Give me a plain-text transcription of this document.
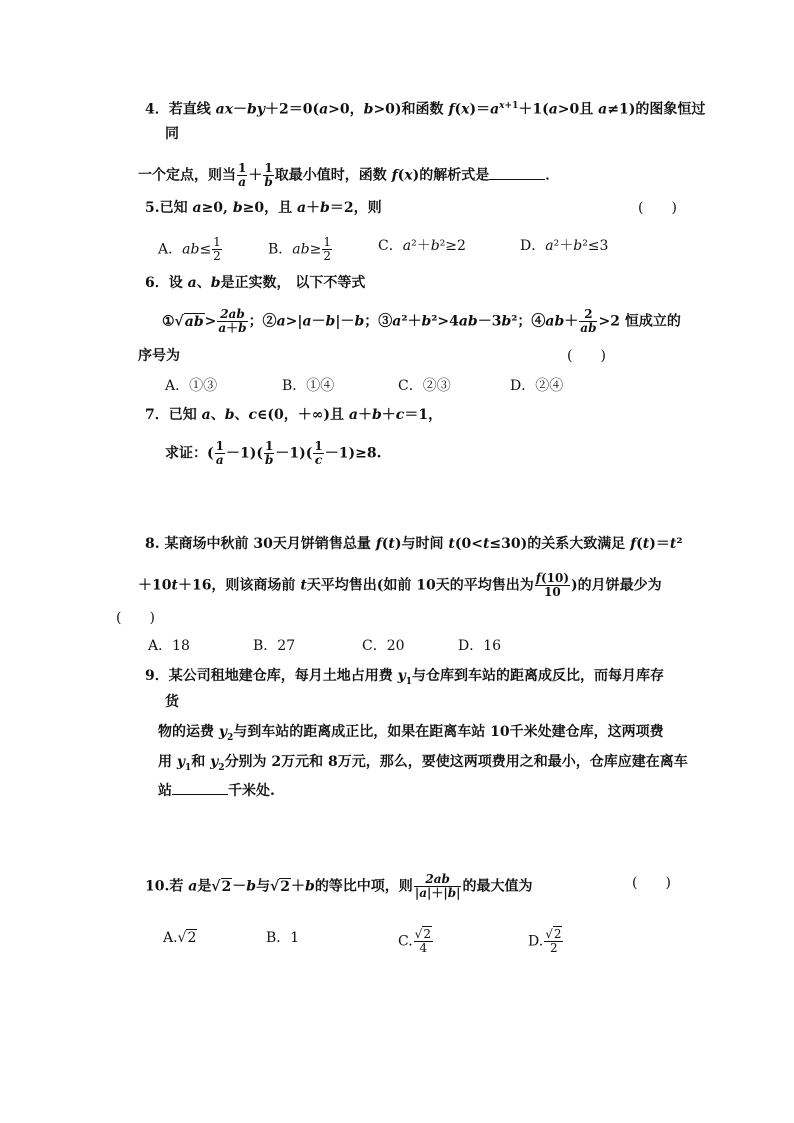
4．若直线 ax－by＋2＝0(a>0，b>0)和函数 $f(x)=a^{x+1}+1(a>0$且 a≠1)的图象恒过
同
一个定点，则当 $\frac{1}{a} + \frac{1}{b}$ 取最小值时，函数 f(x)的解析式是	．
5.已知 a≥0, b≥0，且 a＋b＝2，则	(　　)
A．$ab\le \frac{1}{2}$	B．$ab\ge \frac{1}{2}$	C．a²＋b²≥2	D．a²＋b²≤3
6．设 a、b是正实数， 以下不等式
①√ab> $\frac{2ab}{a+b}$ ；②a>|a－b|－b；③a²＋b²>4ab－3b²；④ab＋ $\frac{2}{ab} >2$ 恒成立的
序号为	(　　)
A．①③	B．①④	C．②③	D．②④
7．已知 a、b、c∈(0，＋∞)且 a＋b＋c＝1，
求证：( $\frac{1}{a} -1)( \frac{1}{b} -1)( \frac{1}{c} -1)\ge 8$.
8. 某商场中秋前 30天月饼销售总量 f(t)与时间 t(0<t≤30)的关系大致满足 f(t)＝t²
＋10t＋16，则该商场前 t天平均售出(如前 10天的平均售出为 $\frac{f(10)}{10}$ )的月饼最少为
(　　)
A．18	B．27	C．20	D．16
9．某公司租地建仓库，每月土地占用费 $y_1$与仓库到车站的距离成反比，而每月库存
货
物的运费 $y_2$与到车站的距离成正比，如果在距离车站 10千米处建仓库，这两项费
用 $y_1$和 $y_2$分别为 2万元和 8万元，那么，要使这两项费用之和最小，仓库应建在离车
站	千米处.
10.若 a是√2－b与√2＋b的等比中项，则 $\frac{2ab}{|a|+|b|}$ 的最大值为	(　　)
A.√2	B．1	C. $\frac{√2}{4}$	D. $\frac{√2}{2}$
